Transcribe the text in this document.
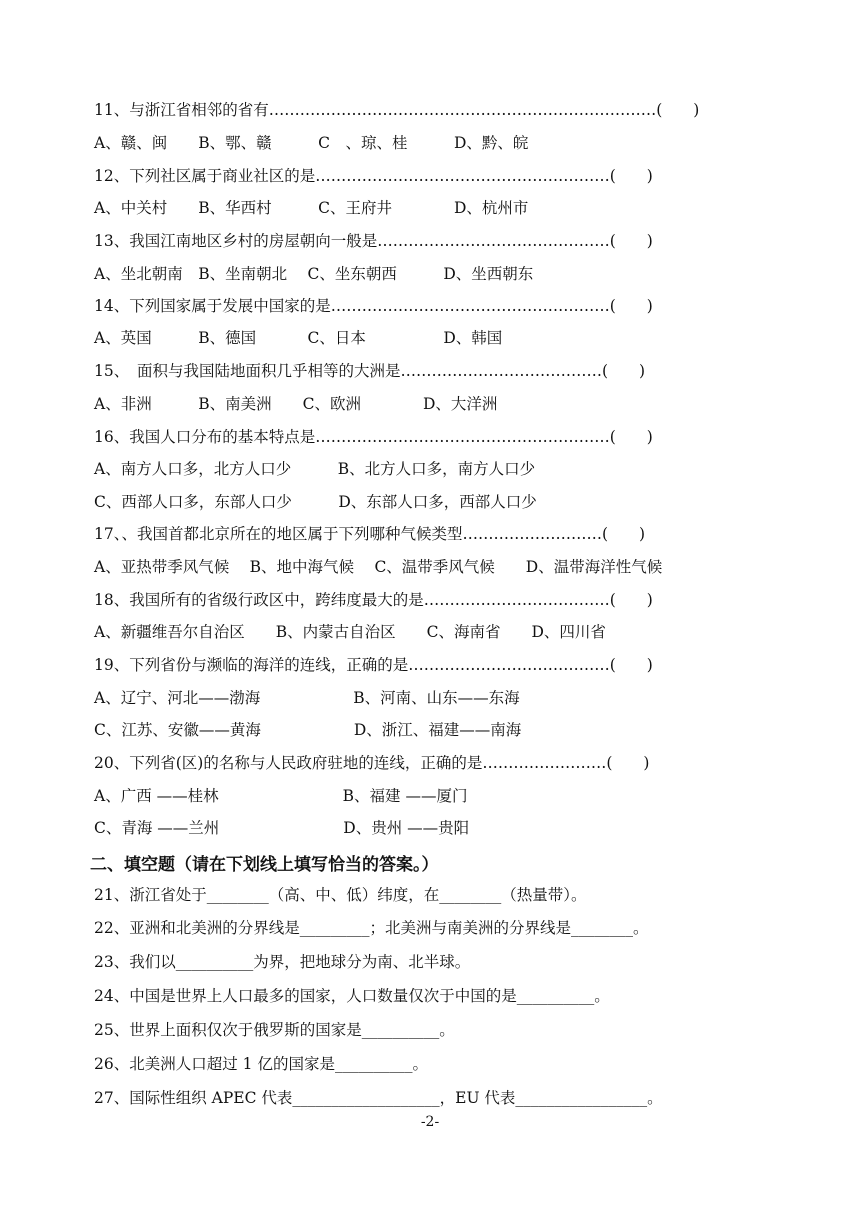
11、与浙江省相邻的省有…………………………………………………………………(　　)
A、赣、闽　　B、鄂、赣　　　C　、琼、桂　　　D、黔、皖
12、下列社区属于商业社区的是…………………………………………………(　　)
A、中关村　　B、华西村　　　C、王府井　　　　D、杭州市
13、我国江南地区乡村的房屋朝向一般是………………………………………(　　)
A、坐北朝南　B、坐南朝北　 C、坐东朝西　　　D、坐西朝东
14、下列国家属于发展中国家的是………………………………………………(　　)
A、英国　　　B、德国　　　 C、日本　　　　　D、韩国
15、　面积与我国陆地面积几乎相等的大洲是…………………………………(　　)
A、非洲　　　B、南美洲　　C、欧洲　　　　D、大洋洲
16、我国人口分布的基本特点是…………………………………………………(　　)
A、南方人口多，北方人口少　　　B、北方人口多，南方人口少
C、西部人口多，东部人口少　　　D、东部人口多，西部人口少
17、、我国首都北京所在的地区属于下列哪种气候类型………………………(　　)
A、亚热带季风气候　 B、地中海气候　 C、温带季风气候　　D、温带海洋性气候
18、我国所有的省级行政区中，跨纬度最大的是………………………………(　　)
A、新疆维吾尔自治区　　B、内蒙古自治区　　C、海南省　　D、四川省
19、下列省份与濒临的海洋的连线，正确的是…………………………………(　　)
A、辽宁、河北——渤海　　　　　　B、河南、山东——东海
C、江苏、安徽——黄海　　　　　　D、浙江、福建——南海
20、下列省(区)的名称与人民政府驻地的连线，正确的是……………………(　　)
A、广西 ——桂林　　　　　　　　B、福建 ——厦门
C、青海 ——兰州　　　　　　　　D、贵州 ——贵阳
二、填空题（请在下划线上填写恰当的答案。）
21、浙江省处于________（高、中、低）纬度，在________（热量带）。
22、亚洲和北美洲的分界线是_________；北美洲与南美洲的分界线是________。
23、我们以__________为界，把地球分为南、北半球。
24、中国是世界上人口最多的国家，人口数量仅次于中国的是__________。
25、世界上面积仅次于俄罗斯的国家是__________。
26、北美洲人口超过 1 亿的国家是__________。
27、国际性组织 APEC 代表___________________，EU 代表_________________。
-2-
